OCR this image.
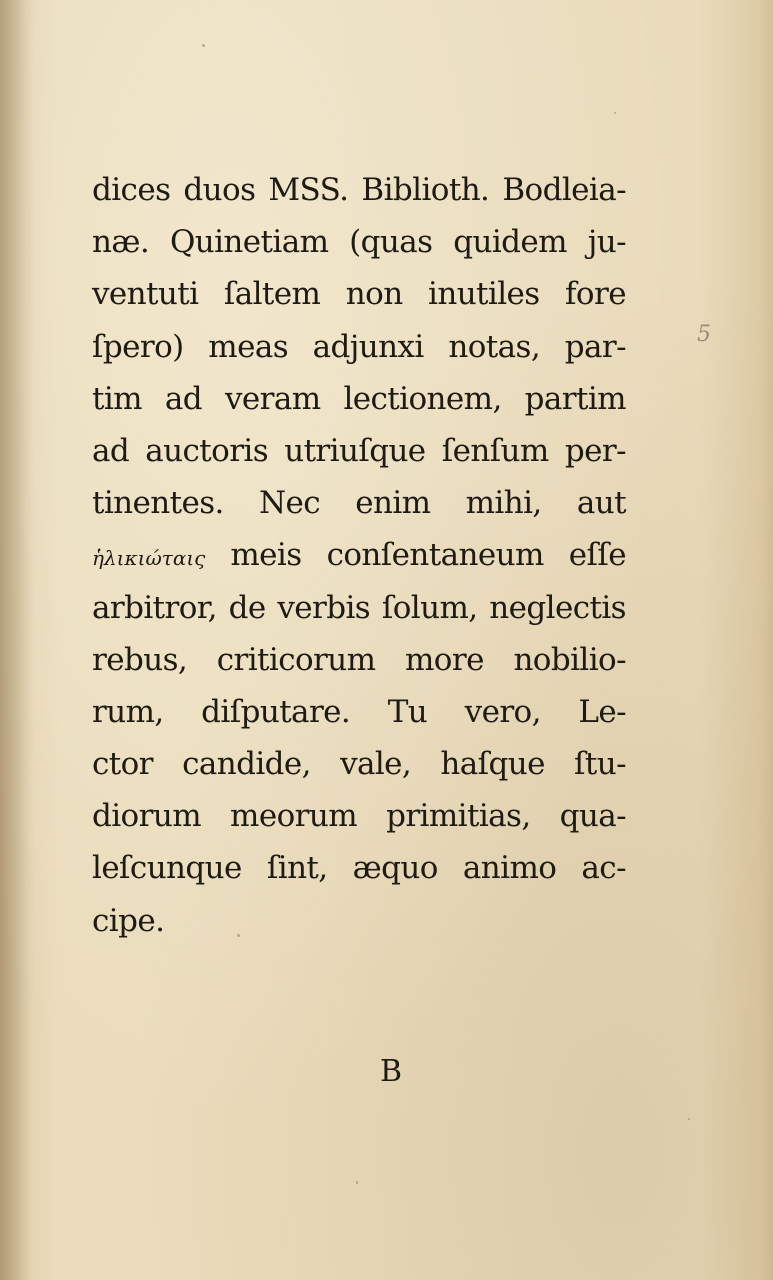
dices duos MSS. Biblioth. Bodleia-
næ. Quinetiam (quas quidem ju-
ventuti ſaltem non inutiles fore
ſpero) meas adjunxi notas, par-
tim ad veram lectionem, partim
ad auctoris utriuſque ſenſum per-
tinentes. Nec enim mihi, aut
ἡλικιώταις meis conſentaneum eſſe
arbitror, de verbis ſolum, neglectis
rebus, criticorum more nobilio-
rum, diſputare. Tu vero, Le-
ctor candide, vale, haſque ſtu-
diorum meorum primitias, qua-
leſcunque ſint, æquo animo ac-
cipe.
5
B
